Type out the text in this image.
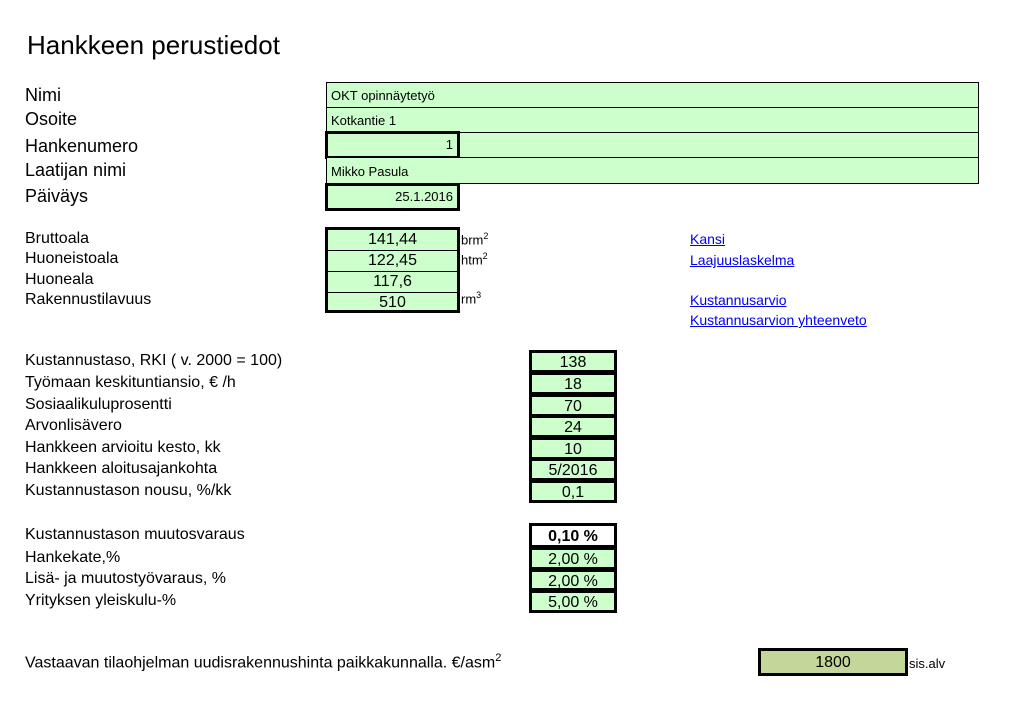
Hankkeen perustiedot
Nimi
Osoite
Hankenumero
Laatijan nimi
Päiväys
OKT opinnäytetyö
Kotkantie 1
1
Mikko Pasula
25.1.2016
Bruttoala
Huoneistoala
Huoneala
Rakennustilavuus
141,44
122,45
117,6
510
brm$^2$
htm$^2$
$rm^3$
Kansi
Laajuuslaskelma
Kustannusarvio
Kustannusarvion yhteenveto
Kustannustaso, RKI ( v. 2000 = 100)
Työmaan keskituntiansio, € /h
Sosiaalikuluprosentti
Arvonlisävero
Hankkeen arvioitu kesto, kk
Hankkeen aloitusajankohta
Kustannustason nousu, %/kk
138
18
70
24
10
5/2016
0,1
Kustannustason muutosvaraus
Hankekate,%
Lisä- ja muutostyövaraus, %
Yrityksen yleiskulu-%
0,10 %
2,00 %
2,00 %
5,00 %
Vastaavan tilaohjelman uudisrakennushinta paikkakunnalla. €/asm$^2$	1800	sis.alv
